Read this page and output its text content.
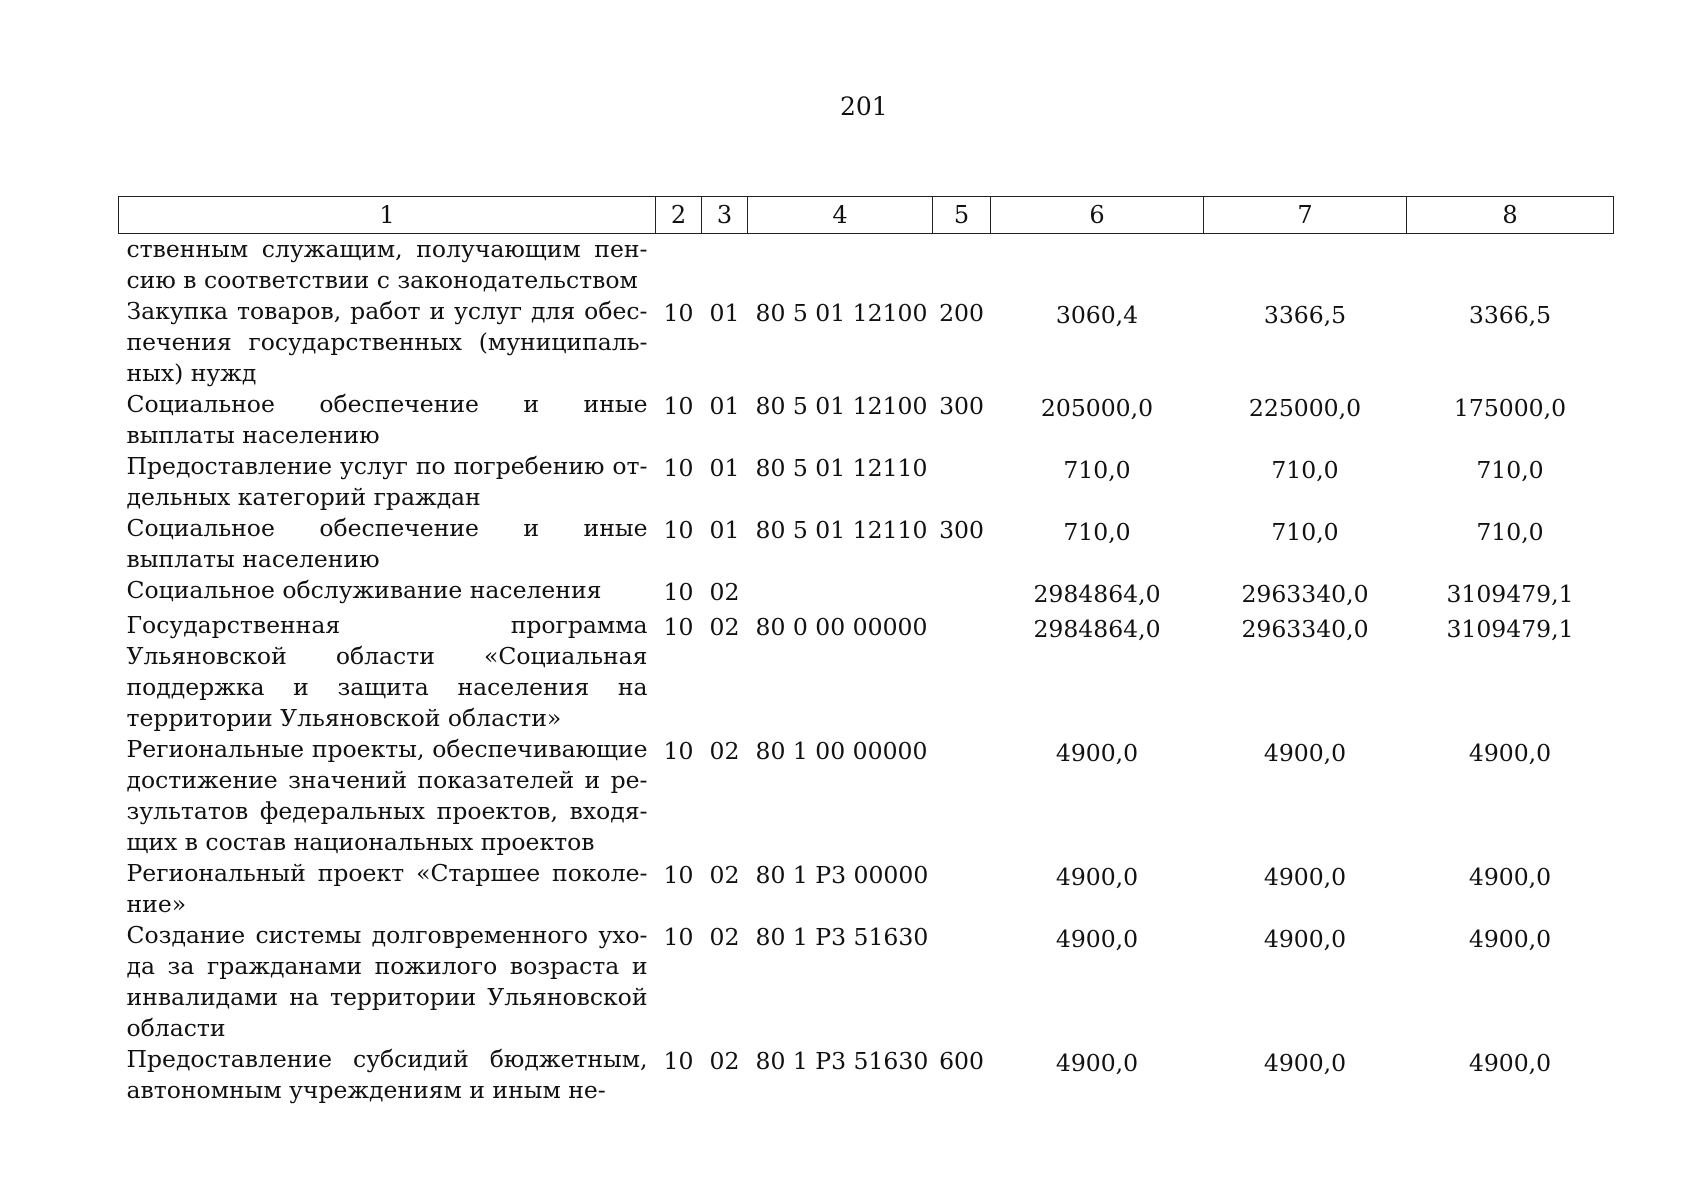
201
1	2	3	4	5	6	7	8
ственным служащим, получающим пенсию в соответствии с законодательством							
Закупка товаров, работ и услуг для обеспечения государственных (муниципальных) нужд	10	01	80 5 01 12100	200	3060,4	3366,5	3366,5
Социальное обеспечение и иные выплаты населению	10	01	80 5 01 12100	300	205000,0	225000,0	175000,0
Предоставление услуг по погребению отдельных категорий граждан	10	01	80 5 01 12110		710,0	710,0	710,0
Социальное обеспечение и иные выплаты населению	10	01	80 5 01 12110	300	710,0	710,0	710,0
Социальное обслуживание населения	10	02			2984864,0	2963340,0	3109479,1
Государственная программа Ульяновской области «Социальная поддержка и защита населения на территории Ульяновской области»	10	02	80 0 00 00000		2984864,0	2963340,0	3109479,1
Региональные проекты, обеспечивающие достижение значений показателей и результатов федеральных проектов, входящих в состав национальных проектов	10	02	80 1 00 00000		4900,0	4900,0	4900,0
Региональный проект «Старшее поколение»	10	02	80 1 Р3 00000		4900,0	4900,0	4900,0
Создание системы долговременного ухода за гражданами пожилого возраста и инвалидами на территории Ульяновской области	10	02	80 1 Р3 51630		4900,0	4900,0	4900,0
Предоставление субсидий бюджетным, автономным учреждениям и иным не-	10	02	80 1 Р3 51630	600	4900,0	4900,0	4900,0
